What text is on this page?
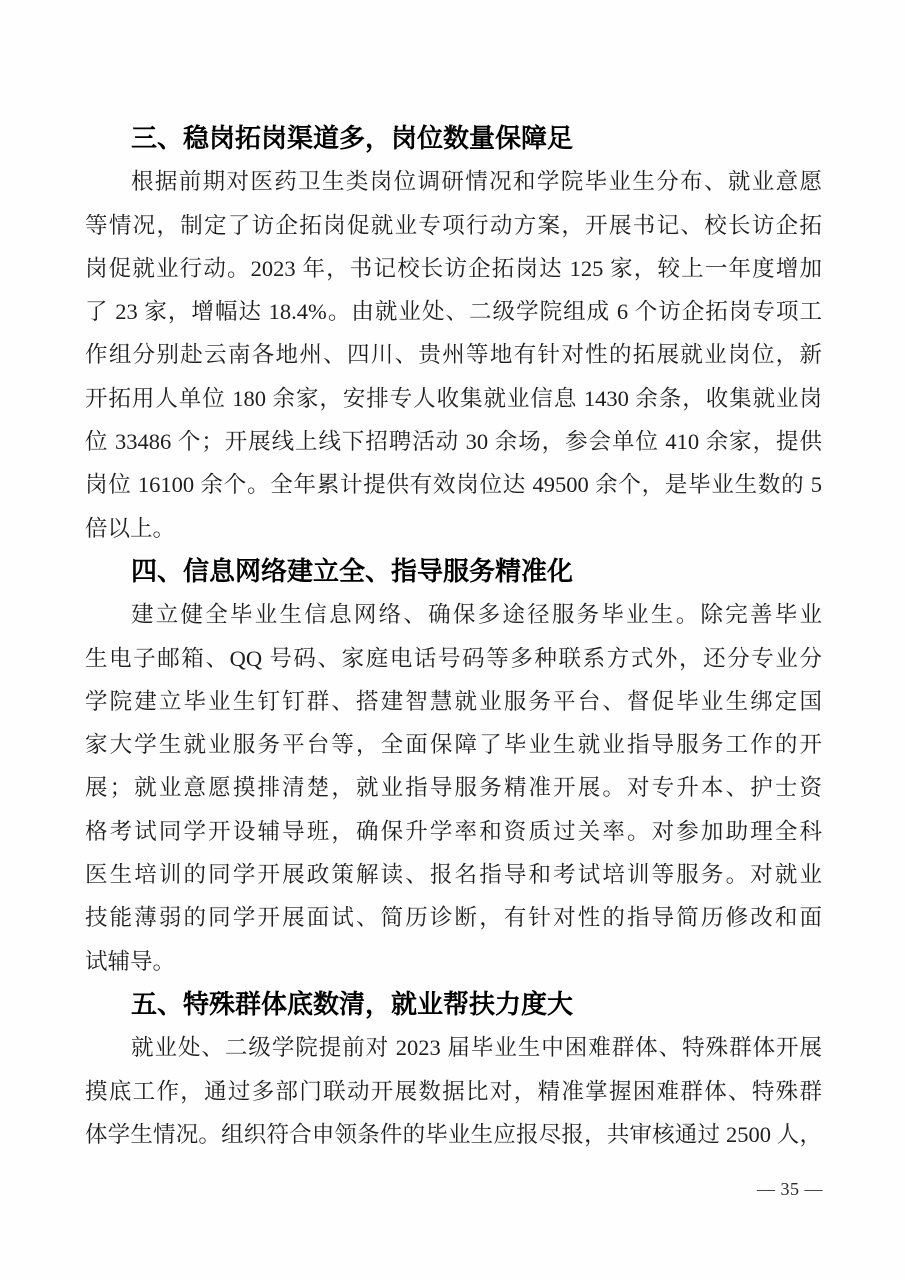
三、稳岗拓岗渠道多，岗位数量保障足

根据前期对医药卫生类岗位调研情况和学院毕业生分布、就业意愿

等情况，制定了访企拓岗促就业专项行动方案，开展书记、校长访企拓

岗促就业行动。2023 年，书记校长访企拓岗达 125 家，较上一年度增加

了 23 家，增幅达 18.4%。由就业处、二级学院组成 6 个访企拓岗专项工

作组分别赴云南各地州、四川、贵州等地有针对性的拓展就业岗位，新

开拓用人单位 180 余家，安排专人收集就业信息 1430 余条，收集就业岗

位 33486 个；开展线上线下招聘活动 30 余场，参会单位 410 余家，提供

岗位 16100 余个。全年累计提供有效岗位达 49500 余个，是毕业生数的 5

倍以上。

四、信息网络建立全、指导服务精准化

建立健全毕业生信息网络、确保多途径服务毕业生。除完善毕业

生电子邮箱、QQ 号码、家庭电话号码等多种联系方式外，还分专业分

学院建立毕业生钉钉群、搭建智慧就业服务平台、督促毕业生绑定国

家大学生就业服务平台等，全面保障了毕业生就业指导服务工作的开

展；就业意愿摸排清楚，就业指导服务精准开展。对专升本、护士资

格考试同学开设辅导班，确保升学率和资质过关率。对参加助理全科

医生培训的同学开展政策解读、报名指导和考试培训等服务。对就业

技能薄弱的同学开展面试、简历诊断，有针对性的指导简历修改和面

试辅导。

五、特殊群体底数清，就业帮扶力度大

就业处、二级学院提前对 2023 届毕业生中困难群体、特殊群体开展

摸底工作，通过多部门联动开展数据比对，精准掌握困难群体、特殊群

体学生情况。组织符合申领条件的毕业生应报尽报，共审核通过 2500 人，

— 35 —
